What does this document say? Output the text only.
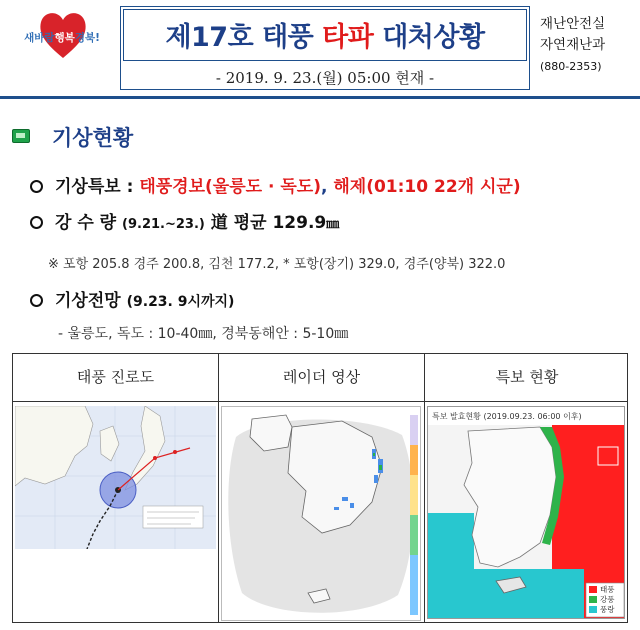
새바람행복경북!	제17호 태풍 타파 대처상황
- 2019. 9. 23.(월) 05:00 현재 -
재난안전실
자연재난과
(880-2353)
기상현황
기상특보 : 태풍경보(울릉도 · 독도), 해제(01:10 22개 시군)
강 수 량 (9.21.~23.) 道 평균 129.9㎜
※ 포항 205.8 경주 200.8, 김천 177.2, * 포항(장기) 329.0, 경주(양북) 322.0
기상전망 (9.23. 9시까지)
- 울릉도, 독도 : 10-40㎜, 경북동해안 : 5-10㎜
태풍 진로도	레이더 영상	특보 현황
특보 발효현황 (2019.09.23. 06:00 이후)
태풍
강풍
풍랑
